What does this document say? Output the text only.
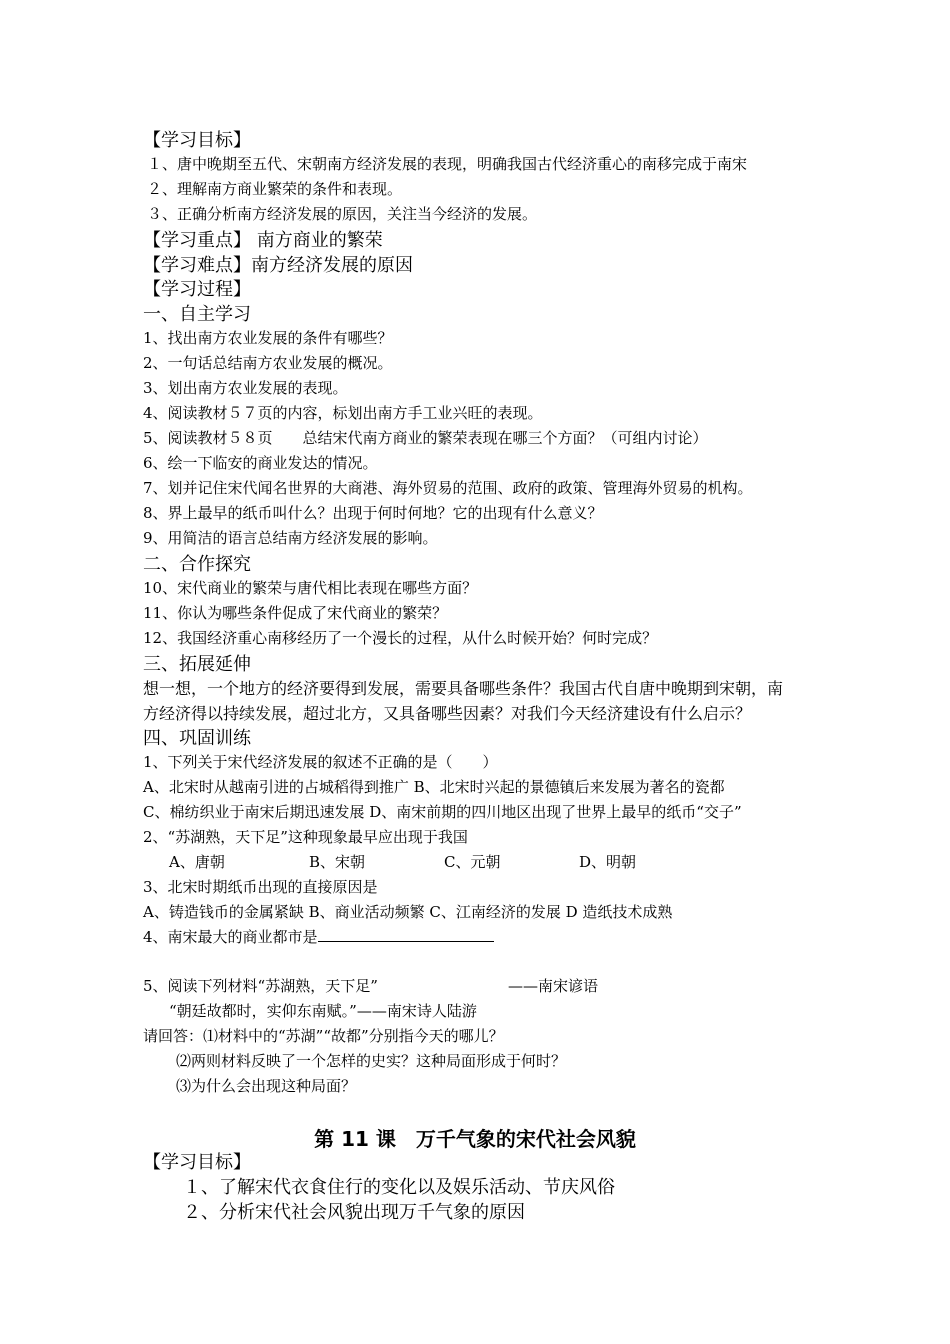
【学习目标】
１、唐中晚期至五代、宋朝南方经济发展的表现，明确我国古代经济重心的南移完成于南宋
２、理解南方商业繁荣的条件和表现。
３、正确分析南方经济发展的原因，关注当今经济的发展。
【学习重点】 南方商业的繁荣
【学习难点】南方经济发展的原因
【学习过程】
一、自主学习
1、找出南方农业发展的条件有哪些？
2、一句话总结南方农业发展的概况。
3、划出南方农业发展的表现。
4、阅读教材５７页的内容，标划出南方手工业兴旺的表现。
5、阅读教材５８页　　总结宋代南方商业的繁荣表现在哪三个方面？（可组内讨论）
6、绘一下临安的商业发达的情况。
7、划并记住宋代闻名世界的大商港、海外贸易的范围、政府的政策、管理海外贸易的机构。
8、界上最早的纸币叫什么？出现于何时何地？它的出现有什么意义？
9、用简洁的语言总结南方经济发展的影响。
二、合作探究
10、宋代商业的繁荣与唐代相比表现在哪些方面？
11、你认为哪些条件促成了宋代商业的繁荣？
12、我国经济重心南移经历了一个漫长的过程，从什么时候开始？何时完成？
三、拓展延伸
想一想，一个地方的经济要得到发展，需要具备哪些条件？我国古代自唐中晚期到宋朝，南
方经济得以持续发展，超过北方，又具备哪些因素？对我们今天经济建设有什么启示？
四、巩固训练
1、下列关于宋代经济发展的叙述不正确的是（　　）
A、北宋时从越南引进的占城稻得到推广 B、北宋时兴起的景德镇后来发展为著名的瓷都
C、棉纺织业于南宋后期迅速发展 D、南宋前期的四川地区出现了世界上最早的纸币“交子”
2、“苏湖熟，天下足”这种现象最早应出现于我国
A、唐朝	B、宋朝	C、元朝	D、明朝
3、北宋时期纸币出现的直接原因是
A、铸造钱币的金属紧缺 B、商业活动频繁 C、江南经济的发展 D 造纸技术成熟
4、南宋最大的商业都市是
5、阅读下列材料“苏湖熟，天下足”	——南宋谚语
“朝廷故都时，实仰东南赋。”——南宋诗人陆游
请回答：⑴材料中的“苏湖”“故都”分别指今天的哪儿？
⑵两则材料反映了一个怎样的史实？这种局面形成于何时？
⑶为什么会出现这种局面？
第 11 课　万千气象的宋代社会风貌
【学习目标】
１、了解宋代衣食住行的变化以及娱乐活动、节庆风俗
２、分析宋代社会风貌出现万千气象的原因
